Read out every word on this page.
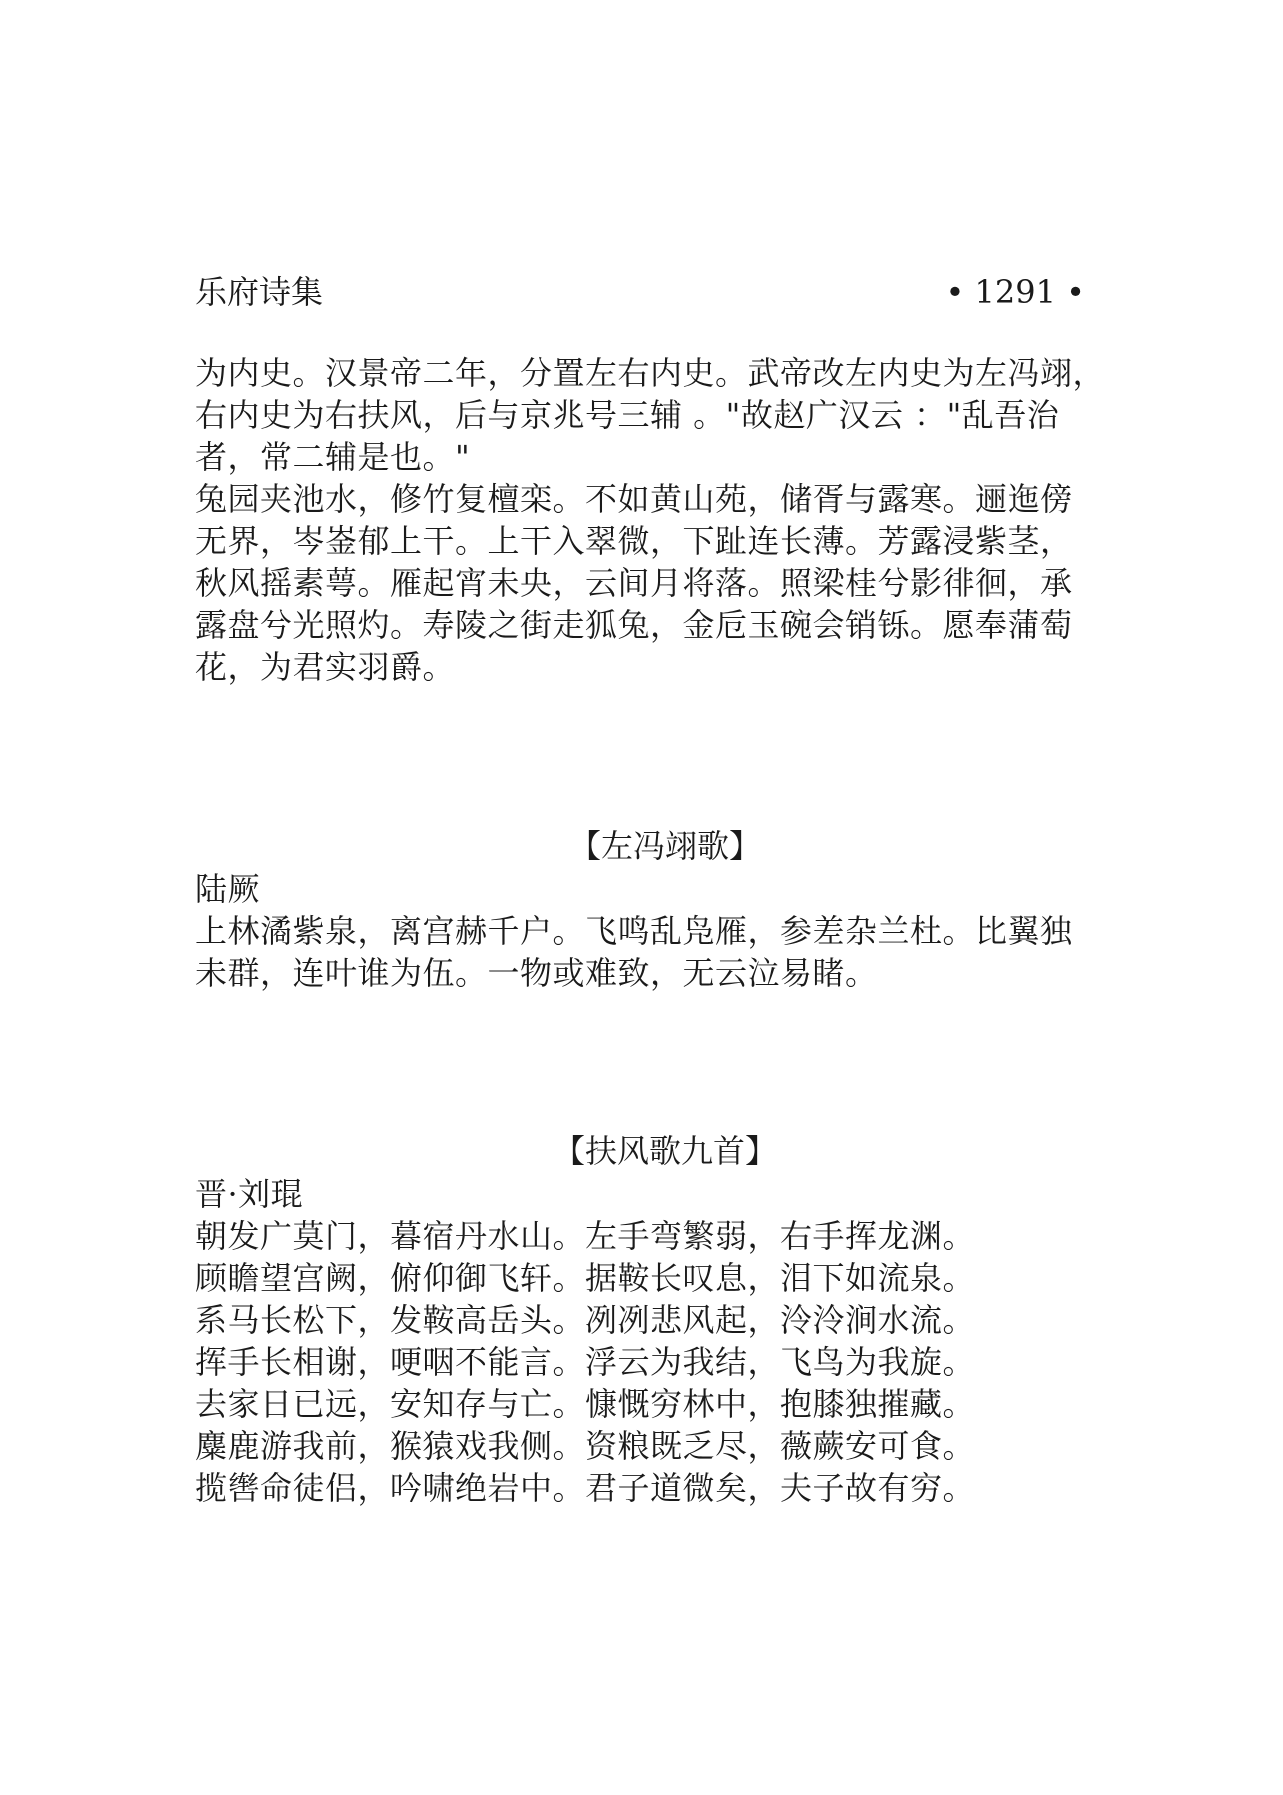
乐府诗集	• 1291 •
为内史。汉景帝二年，分置左右内史。武帝改左内史为左冯翊，
右内史为右扶风，后与京兆号三辅 。"故赵广汉云 ："乱吾治
者，常二辅是也。"
兔园夹池水，修竹复檀栾。不如黄山苑，储胥与露寒。逦迤傍
无界，岑崟郁上干。上干入翠微，下趾连长薄。芳露浸紫茎，
秋风摇素萼。雁起宵未央，云间月将落。照梁桂兮影徘徊，承
露盘兮光照灼。寿陵之街走狐兔，金卮玉碗会销铄。愿奉蒲萄
花，为君实羽爵。
【左冯翊歌】
陆厥
上林潏紫泉，离宫赫千户。飞鸣乱凫雁，参差杂兰杜。比翼独
未群，连叶谁为伍。一物或难致，无云泣易睹。
【扶风歌九首】
晋·刘琨
朝发广莫门，暮宿丹水山。左手弯繁弱，右手挥龙渊。
顾瞻望宫阙，俯仰御飞轩。据鞍长叹息，泪下如流泉。
系马长松下，发鞍高岳头。冽冽悲风起，泠泠涧水流。
挥手长相谢，哽咽不能言。浮云为我结，飞鸟为我旋。
去家日已远，安知存与亡。慷慨穷林中，抱膝独摧藏。
麋鹿游我前，猴猿戏我侧。资粮既乏尽，薇蕨安可食。
揽辔命徒侣，吟啸绝岩中。君子道微矣，夫子故有穷。
